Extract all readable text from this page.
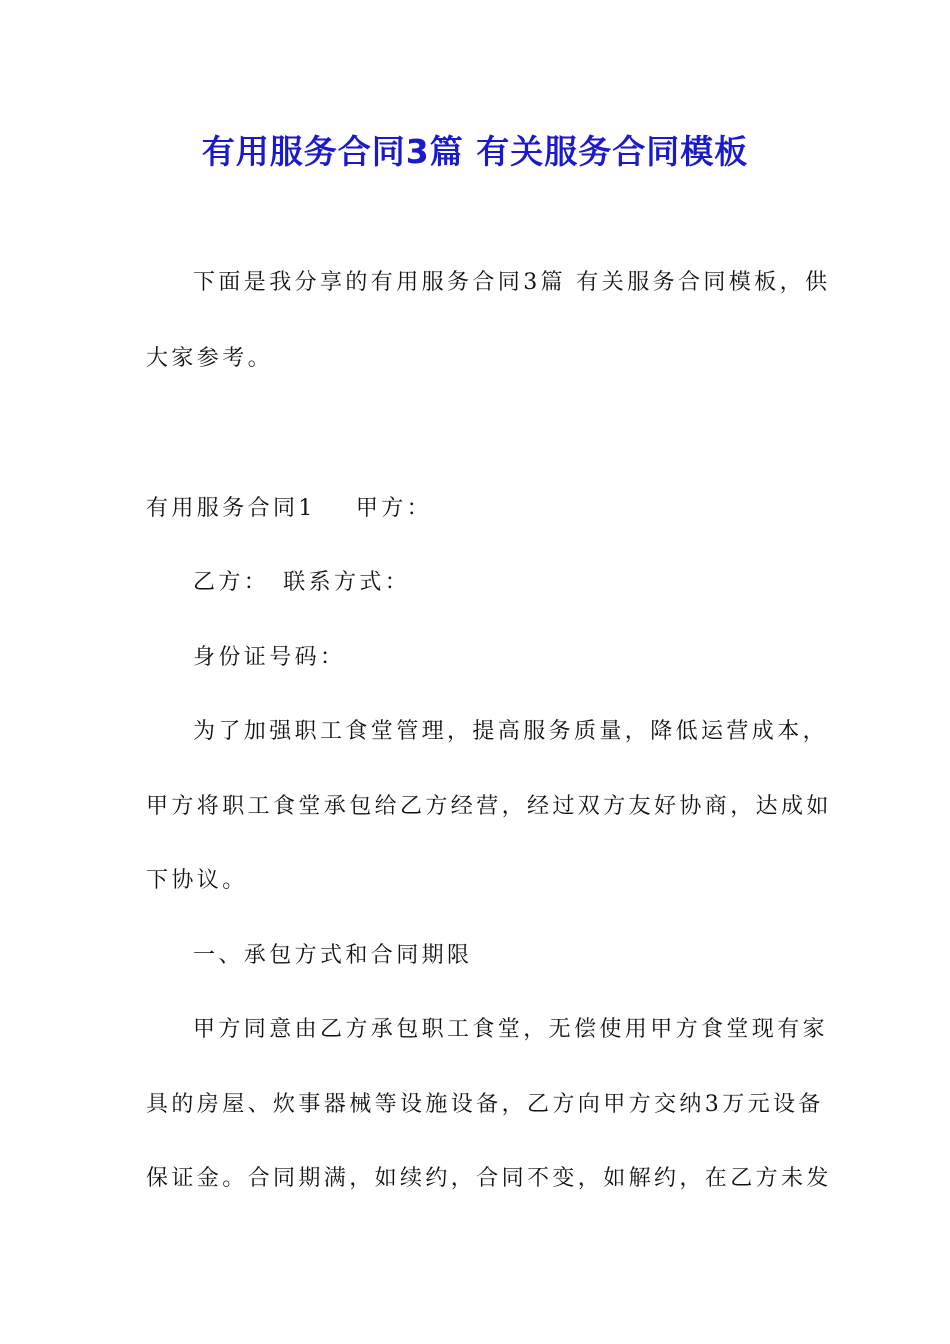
有用服务合同3篇 有关服务合同模板
下面是我分享的有用服务合同3篇 有关服务合同模板，供
大家参考。
有用服务合同1 甲方：
乙方： 联系方式：
身份证号码：
为了加强职工食堂管理，提高服务质量，降低运营成本，
甲方将职工食堂承包给乙方经营，经过双方友好协商，达成如
下协议。
一、承包方式和合同期限
甲方同意由乙方承包职工食堂，无偿使用甲方食堂现有家
具的房屋、炊事器械等设施设备，乙方向甲方交纳3万元设备
保证金。合同期满，如续约，合同不变，如解约，在乙方未发
